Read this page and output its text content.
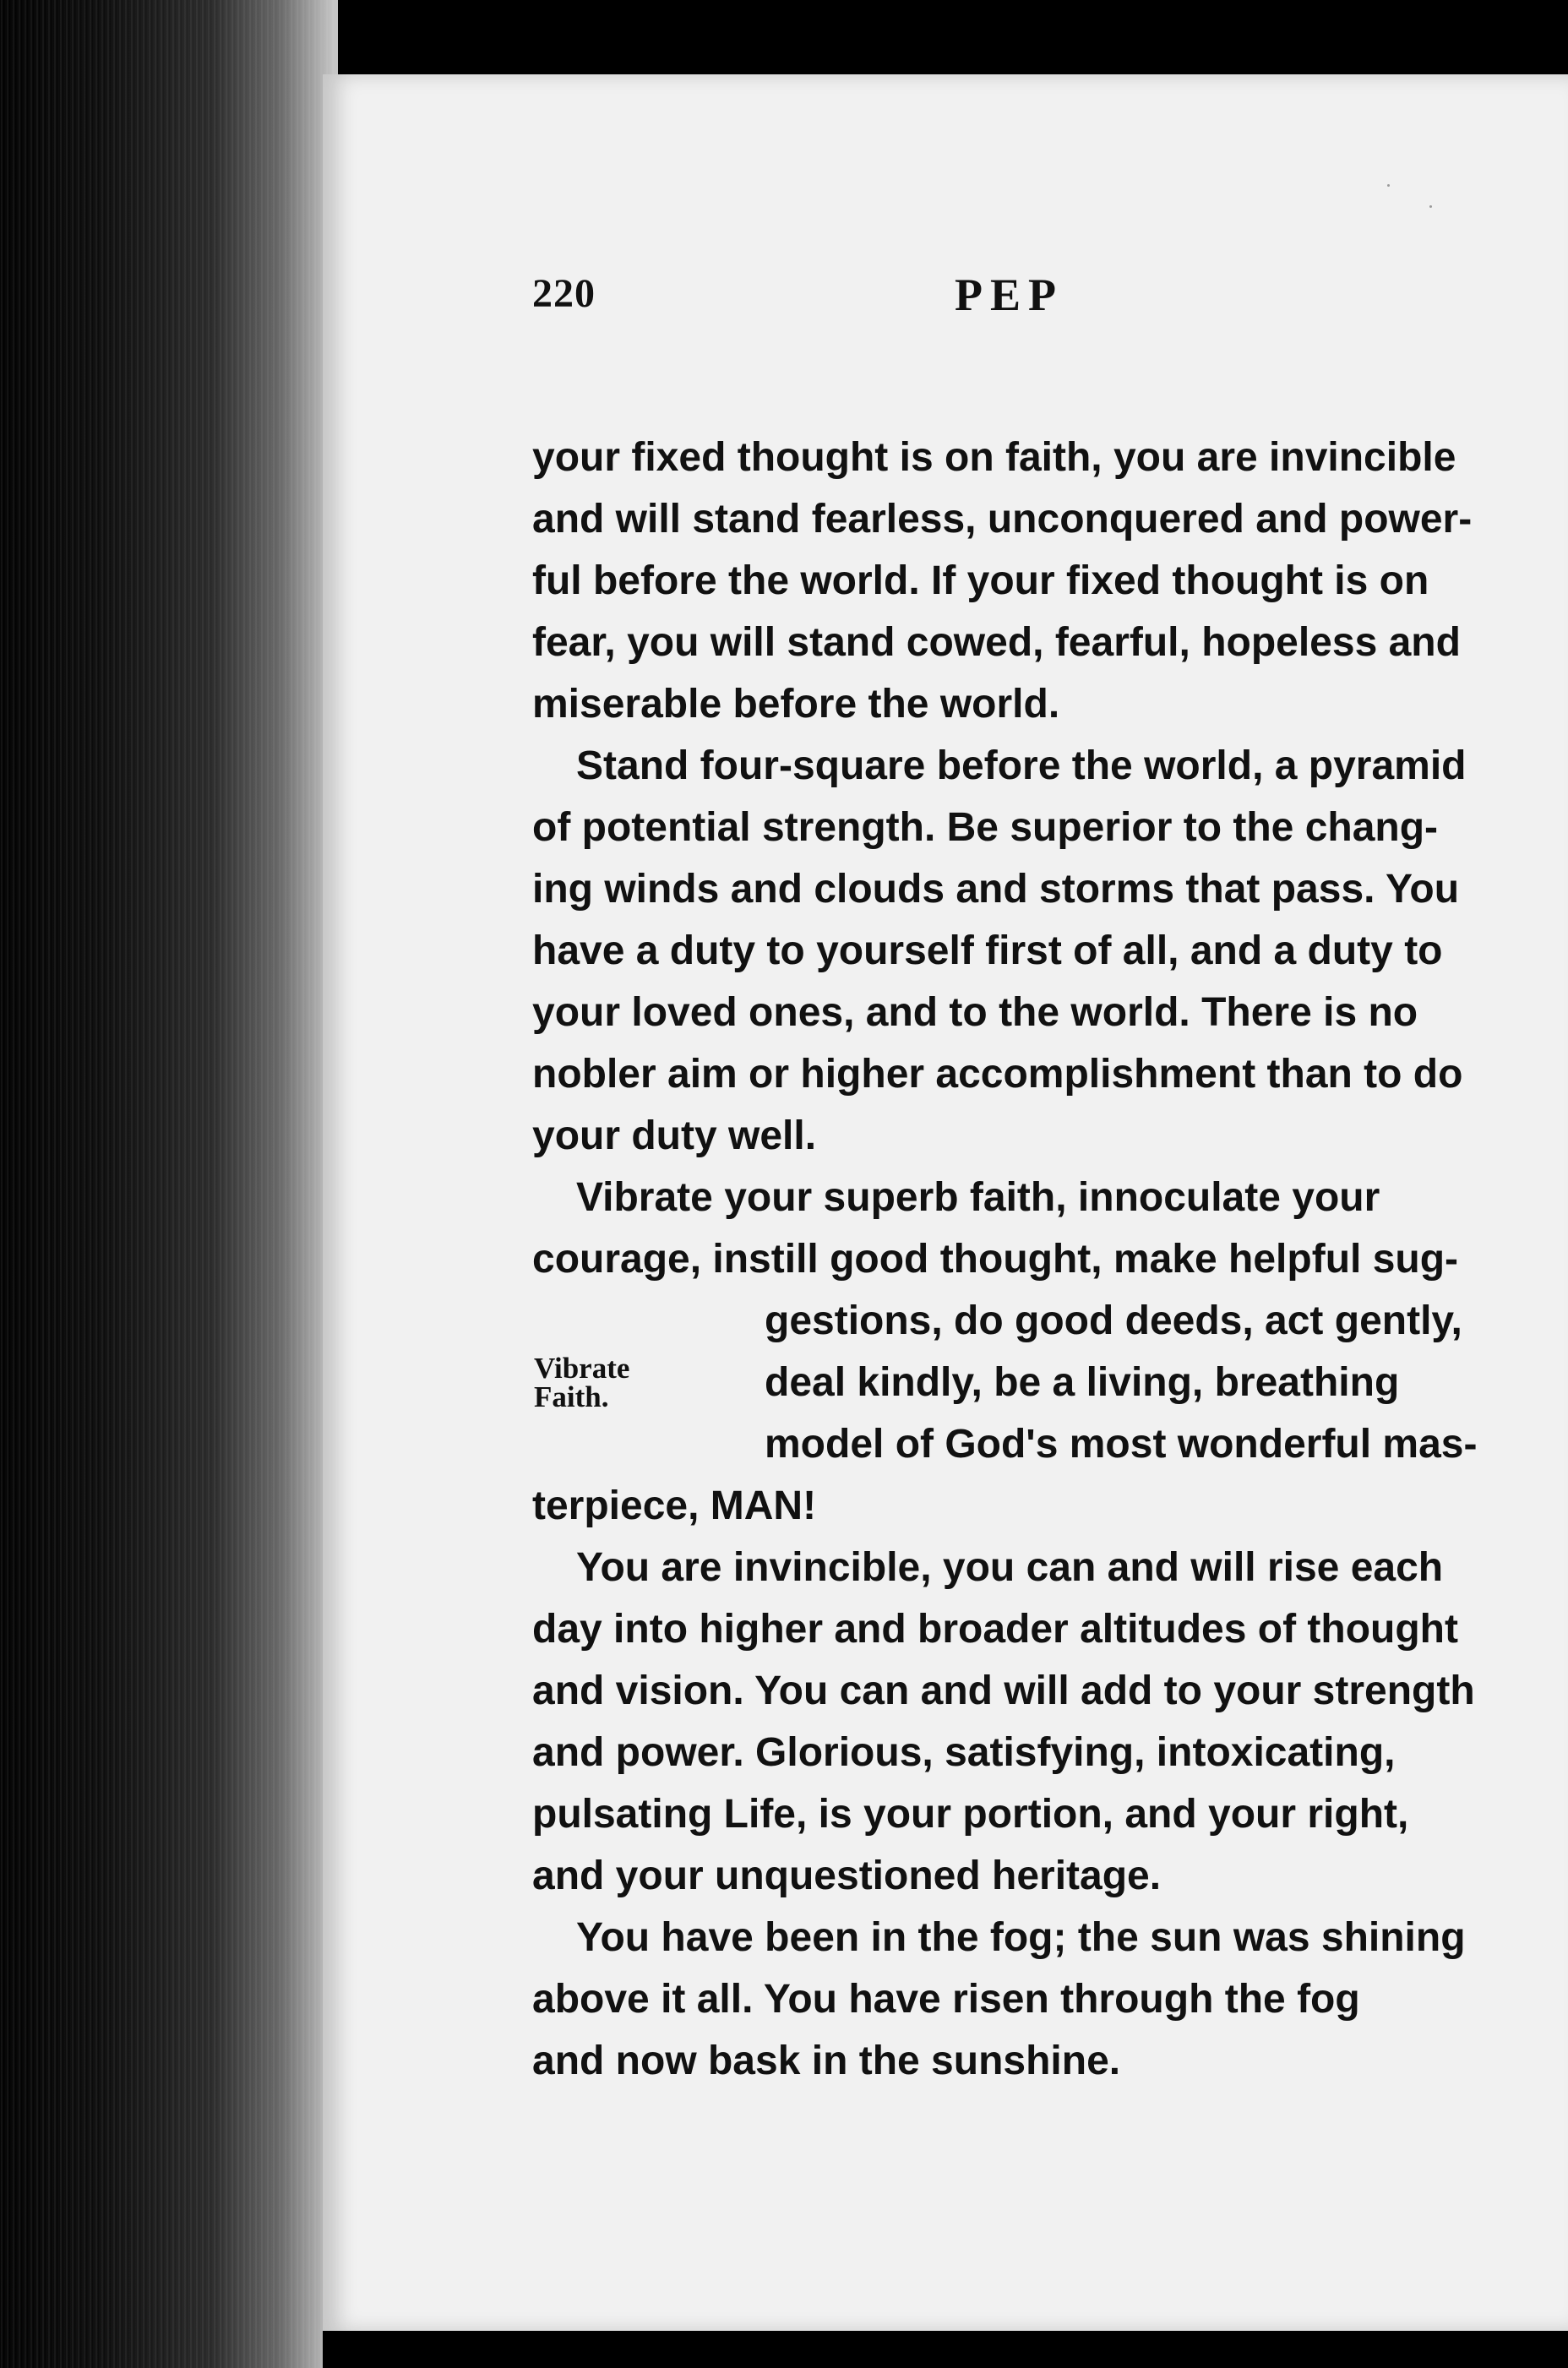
220	PEP
your fixed thought is on faith, you are invincible
and will stand fearless, unconquered and power-
ful before the world. If your fixed thought is on
fear, you will stand cowed, fearful, hopeless and
miserable before the world.
Stand four-square before the world, a pyramid
of potential strength. Be superior to the chang-
ing winds and clouds and storms that pass. You
have a duty to yourself first of all, and a duty to
your loved ones, and to the world. There is no
nobler aim or higher accomplishment than to do
your duty well.
Vibrate your superb faith, innoculate your
courage, instill good thought, make helpful sug-
gestions, do good deeds, act gently,
deal kindly, be a living, breathing
model of God's most wonderful mas-
terpiece, MAN!
You are invincible, you can and will rise each
day into higher and broader altitudes of thought
and vision. You can and will add to your strength
and power. Glorious, satisfying, intoxicating,
pulsating Life, is your portion, and your right,
and your unquestioned heritage.
You have been in the fog; the sun was shining
above it all. You have risen through the fog
and now bask in the sunshine.
Vibrate
Faith.
